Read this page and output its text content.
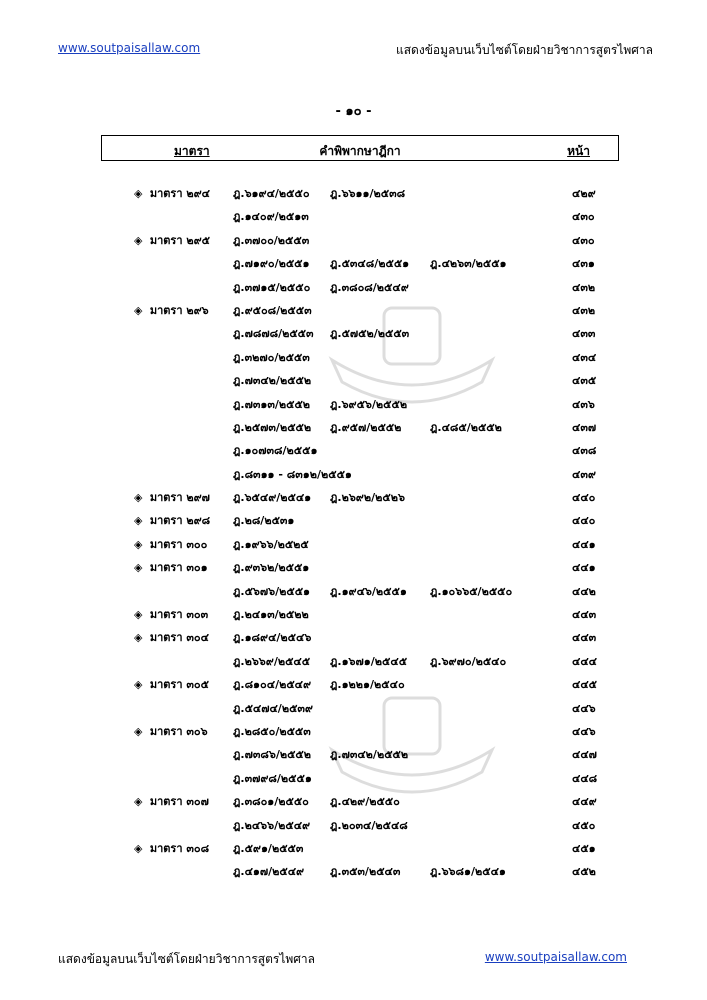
www.soutpaisallaw.com	แสดงข้อมูลบนเว็บไซต์โดยฝ่ายวิชาการสูตรไพศาล
- ๑๐ -
มาตรา	คำพิพากษาฎีกา	หน้า
◈ มาตรา ๒๙๔ ฎ.๖๑๙๔/๒๕๕๐ ฎ.๖๖๑๑/๒๕๓๘	๔๒๙
ฎ.๑๔๐๙/๒๕๑๓	๔๓๐
◈ มาตรา ๒๙๕ ฎ.๓๗๐๐/๒๕๕๓	๔๓๐
ฎ.๗๑๙๐/๒๕๕๑ ฎ.๕๓๔๘/๒๕๕๑ ฎ.๔๒๖๓/๒๕๕๑	๔๓๑
ฎ.๓๗๑๕/๒๕๕๐ ฎ.๓๘๐๘/๒๕๔๙	๔๓๒
◈ มาตรา ๒๙๖ ฎ.๙๕๐๘/๒๕๕๓	๔๓๒
ฎ.๗๘๗๘/๒๕๕๓ ฎ.๕๗๕๒/๒๕๕๓	๔๓๓
ฎ.๓๒๗๐/๒๕๕๓	๔๓๔
ฎ.๗๓๔๒/๒๕๕๒	๔๓๕
ฎ.๗๓๑๓/๒๕๕๒ ฎ.๖๙๕๖/๒๕๕๒	๔๓๖
ฎ.๒๕๗๓/๒๕๕๒ ฎ.๙๕๗/๒๕๕๒	ฎ.๔๘๕/๒๕๕๒	๔๓๗
ฎ.๑๐๗๓๘/๒๕๕๑	๔๓๘
ฎ.๘๓๑๑ - ๘๓๑๒/๒๕๕๑	๔๓๙
◈ มาตรา ๒๙๗ ฎ.๖๕๔๙/๒๕๔๑ ฎ.๒๖๙๒/๒๕๒๖	๔๔๐
◈ มาตรา ๒๙๘ ฎ.๒๘/๒๕๓๑	๔๔๐
◈ มาตรา ๓๐๐ ฎ.๑๙๖๖/๒๕๒๕	๔๔๑
◈ มาตรา ๓๐๑ ฎ.๙๓๖๒/๒๕๕๑	๔๔๑
ฎ.๕๖๗๖/๒๕๕๑ ฎ.๑๙๔๖/๒๕๕๑ ฎ.๑๐๖๖๕/๒๕๕๐	๔๔๒
◈ มาตรา ๓๐๓ ฎ.๒๔๑๓/๒๕๒๒	๔๔๓
◈ มาตรา ๓๐๔ ฎ.๑๘๙๔/๒๕๔๖	๔๔๓
ฎ.๒๖๖๙/๒๕๔๕ ฎ.๑๖๗๑/๒๕๔๕ ฎ.๖๙๗๐/๒๕๔๐	๔๔๔
◈ มาตรา ๓๐๕ ฎ.๘๑๐๔/๒๕๔๙ ฎ.๑๒๒๑/๒๕๔๐	๔๔๕
ฎ.๕๔๗๔/๒๕๓๙	๔๔๖
◈ มาตรา ๓๐๖ ฎ.๒๘๕๐/๒๕๕๓	๔๔๖
ฎ.๗๓๘๖/๒๕๕๒ ฎ.๗๓๔๒/๒๕๕๒	๔๔๗
ฎ.๓๗๙๘/๒๕๕๑	๔๔๘
◈ มาตรา ๓๐๗ ฎ.๓๘๐๑/๒๕๕๐ ฎ.๔๒๙/๒๕๕๐	๔๔๙
ฎ.๒๔๖๖/๒๕๔๙ ฎ.๒๐๓๔/๒๕๔๘	๔๕๐
◈ มาตรา ๓๐๘ ฎ.๕๙๑/๒๕๕๓	๔๕๑
ฎ.๔๑๗/๒๕๔๙ ฎ.๓๕๓/๒๕๔๓	ฎ.๖๖๘๑/๒๕๔๑	๔๕๒
แสดงข้อมูลบนเว็บไซต์โดยฝ่ายวิชาการสูตรไพศาล	www.soutpaisallaw.com
